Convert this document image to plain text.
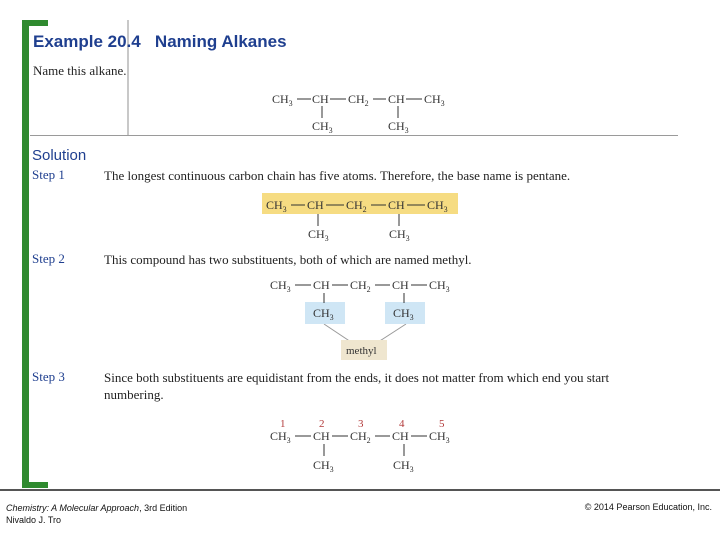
Example 20.4 Naming Alkanes
Name this alkane.
$CH_3$ CH $CH_2$ CH $CH_3$
$CH_3$	$CH_3$
Solution
Step 1	The longest continuous carbon chain has five atoms. Therefore, the base name is pentane.
$CH_3$ CH $CH_2$ CH $CH_3$
$CH_3$	$CH_3$
Step 2	This compound has two substituents, both of which are named methyl.
$CH_3$ CH $CH_2$ CH $CH_3$
$CH_3$	$CH_3$
methyl
Step 3	Since both substituents are equidistant from the ends, it does not matter from which end you start numbering.
1	2	3	4	5
$CH_3$ CH $CH_2$ CH $CH_3$
$CH_3$	$CH_3$
Chemistry: A Molecular Approach, 3rd Edition
Nivaldo J. Tro
© 2014 Pearson Education, Inc.
